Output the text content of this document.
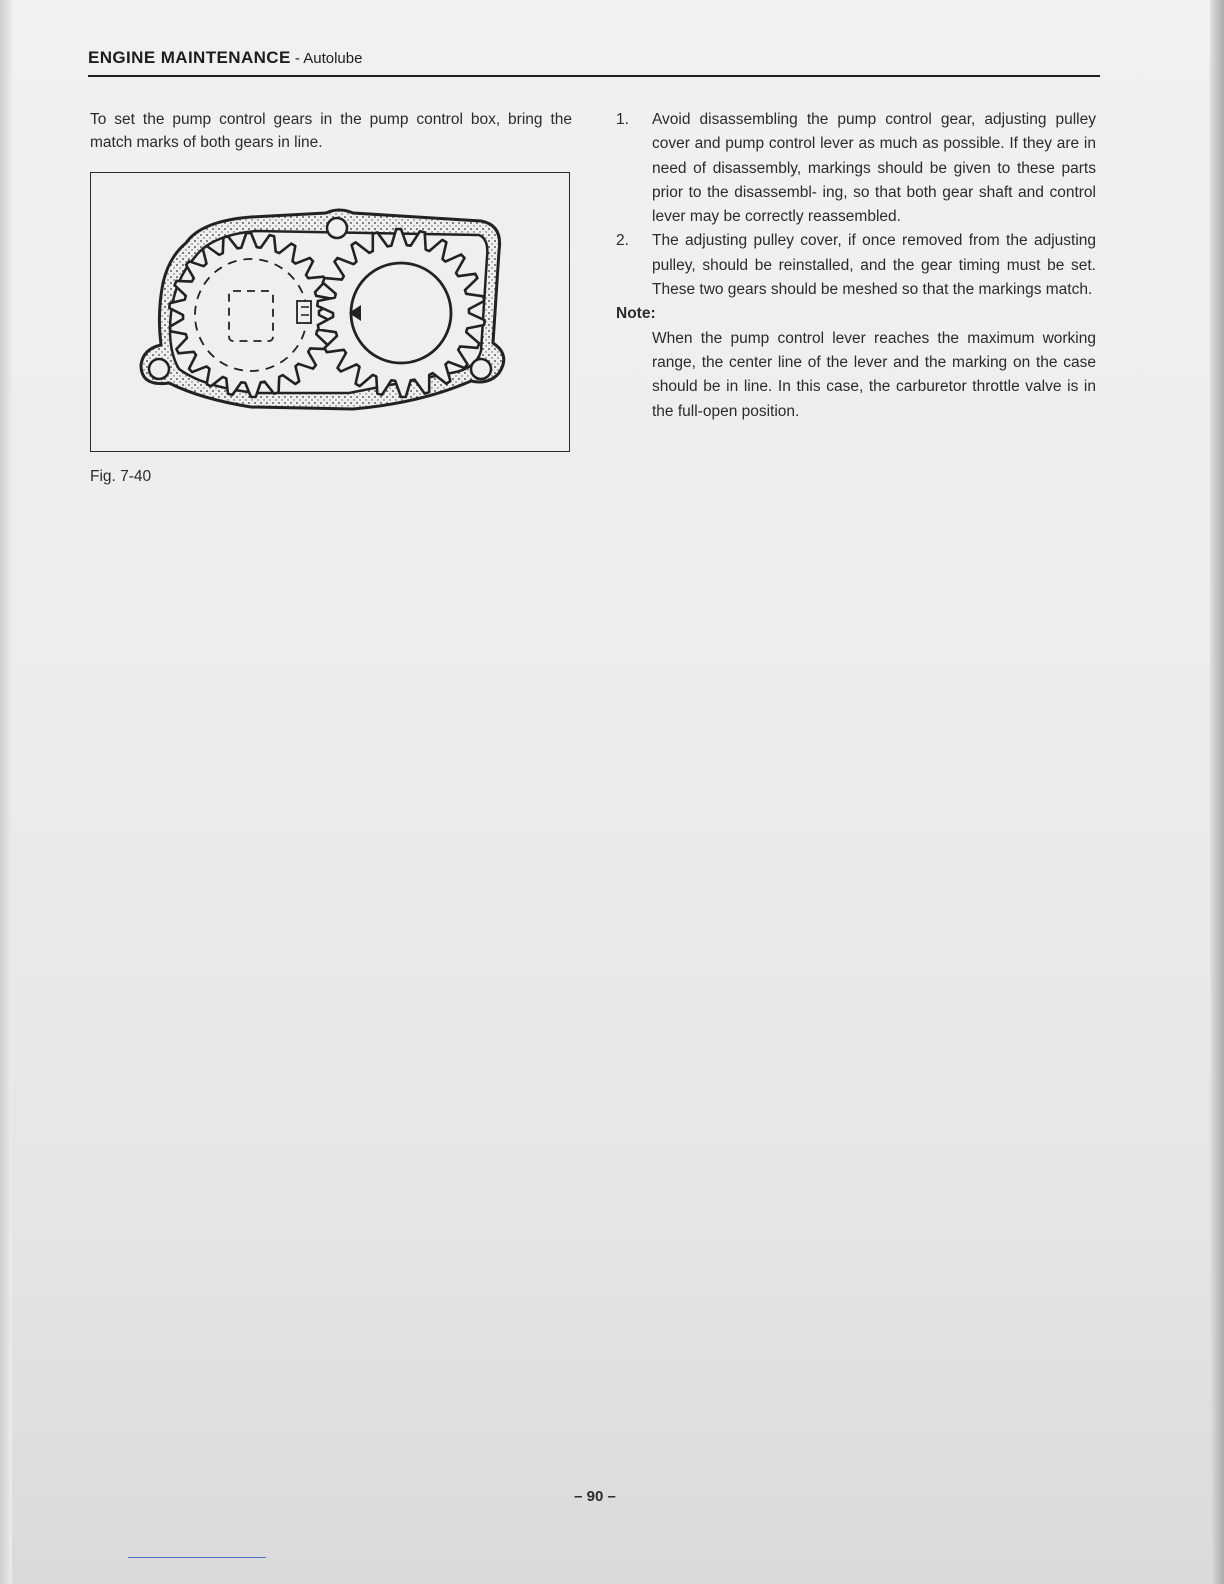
ENGINE MAINTENANCE - Autolube

To set the pump control gears in the pump control box, bring the match marks of both gears in line.

Fig. 7-40
1.	Avoid disassembling the pump control gear, adjusting pulley cover and pump control lever as much as possible. If they are in need of disassembly, markings should be given to these parts prior to the disassembl- ing, so that both gear shaft and control lever may be correctly reassembled.
2.	The adjusting pulley cover, if once removed from the adjusting pulley, should be reinstalled, and the gear timing must be set. These two gears should be meshed so that the markings match.
Note:
When the pump control lever reaches the maximum working range, the center line of the lever and the marking on the case should be in line. In this case, the carburetor throttle valve is in the full-open position.
– 90 –
